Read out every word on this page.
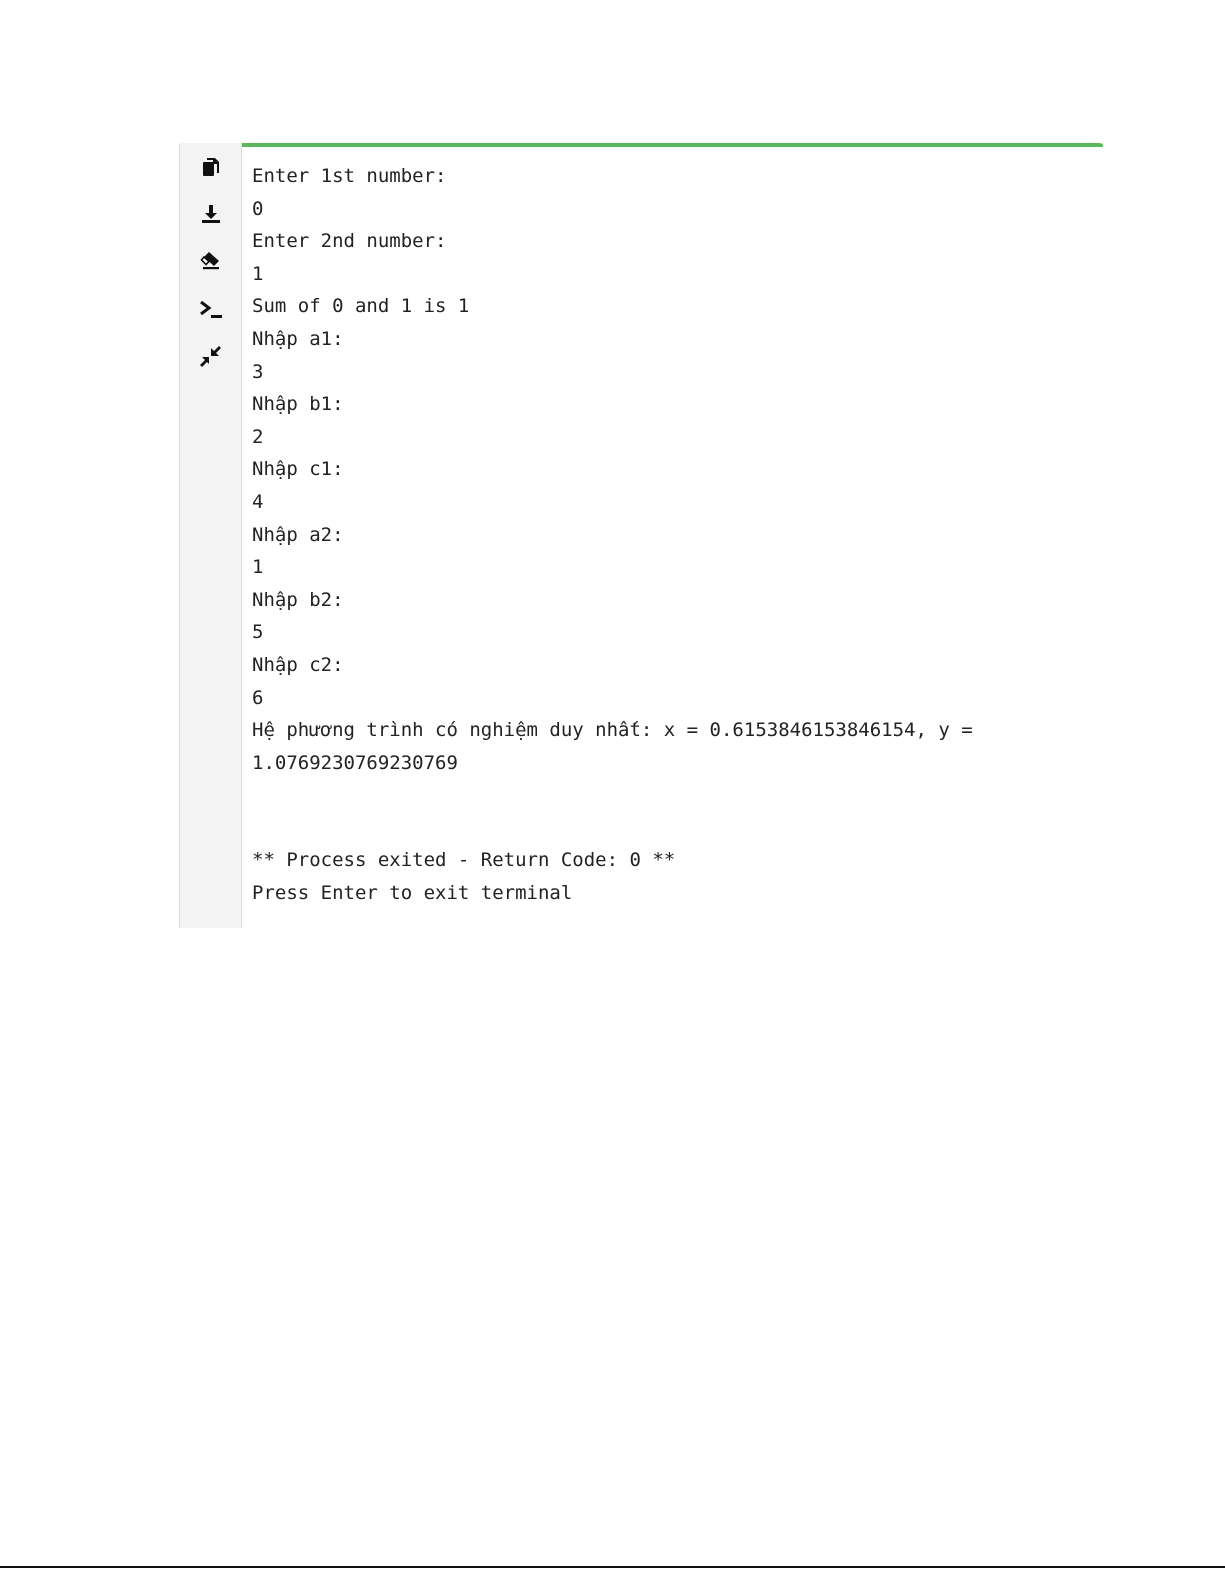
Enter 1st number:
0
Enter 2nd number:
1
Sum of 0 and 1 is 1
Nhập a1:
3
Nhập b1:
2
Nhập c1:
4
Nhập a2:
1
Nhập b2:
5
Nhập c2:
6
Hệ phương trình có nghiệm duy nhất: x = 0.6153846153846154, y =
1.0769230769230769
** Process exited - Return Code: 0 **
Press Enter to exit terminal
